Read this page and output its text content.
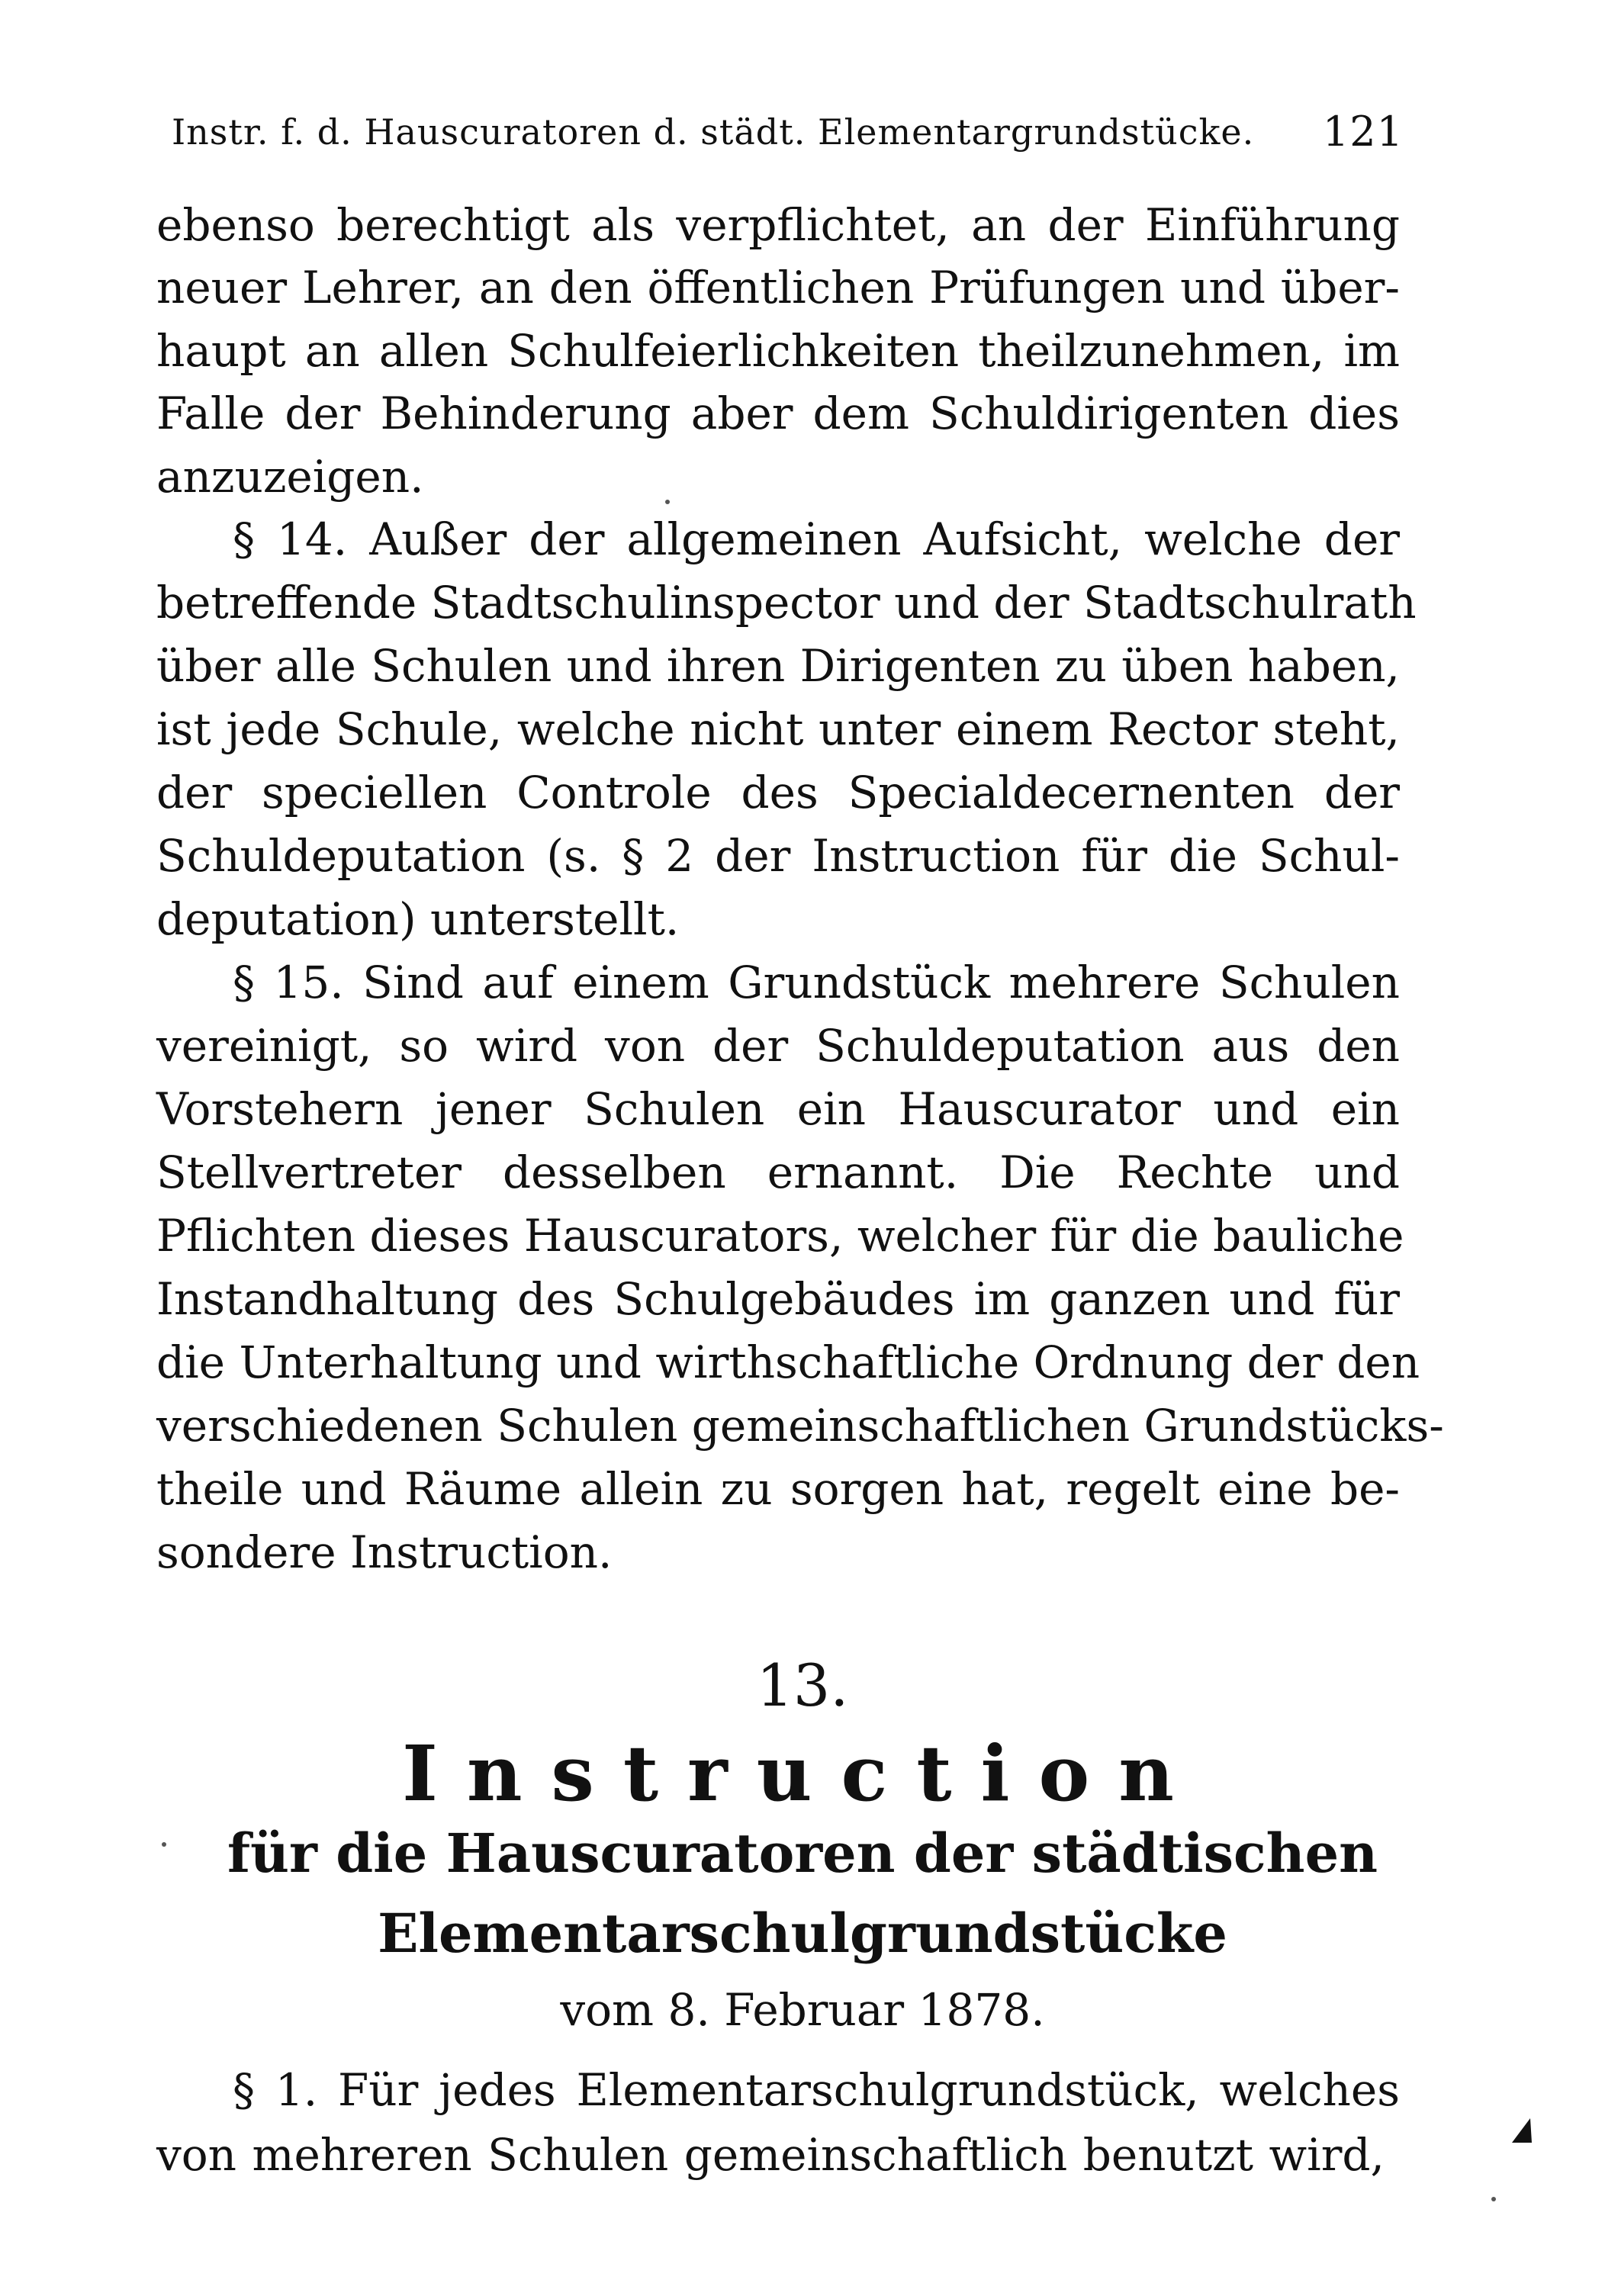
Instr. f. d. Hauscuratoren d. städt. Elementargrundstücke. 121
ebenso berechtigt als verpflichtet, an der Einführung
neuer Lehrer, an den öffentlichen Prüfungen und über-
haupt an allen Schulfeierlichkeiten theilzunehmen, im
Falle der Behinderung aber dem Schuldirigenten dies
anzuzeigen.
§ 14. Außer der allgemeinen Aufsicht, welche der
betreffende Stadtschulinspector und der Stadtschulrath
über alle Schulen und ihren Dirigenten zu üben haben,
ist jede Schule, welche nicht unter einem Rector steht,
der speciellen Controle des Specialdecernenten der
Schuldeputation (s. § 2 der Instruction für die Schul-
deputation) unterstellt.
§ 15. Sind auf einem Grundstück mehrere Schulen
vereinigt, so wird von der Schuldeputation aus den
Vorstehern jener Schulen ein Hauscurator und ein
Stellvertreter desselben ernannt. Die Rechte und
Pflichten dieses Hauscurators, welcher für die bauliche
Instandhaltung des Schulgebäudes im ganzen und für
die Unterhaltung und wirthschaftliche Ordnung der den
verschiedenen Schulen gemeinschaftlichen Grundstücks-
theile und Räume allein zu sorgen hat, regelt eine be-
sondere Instruction.
13.
Instruction
für die Hauscuratoren der städtischen
Elementarschulgrundstücke
vom 8. Februar 1878.
§ 1. Für jedes Elementarschulgrundstück, welches
von mehreren Schulen gemeinschaftlich benutzt wird,
